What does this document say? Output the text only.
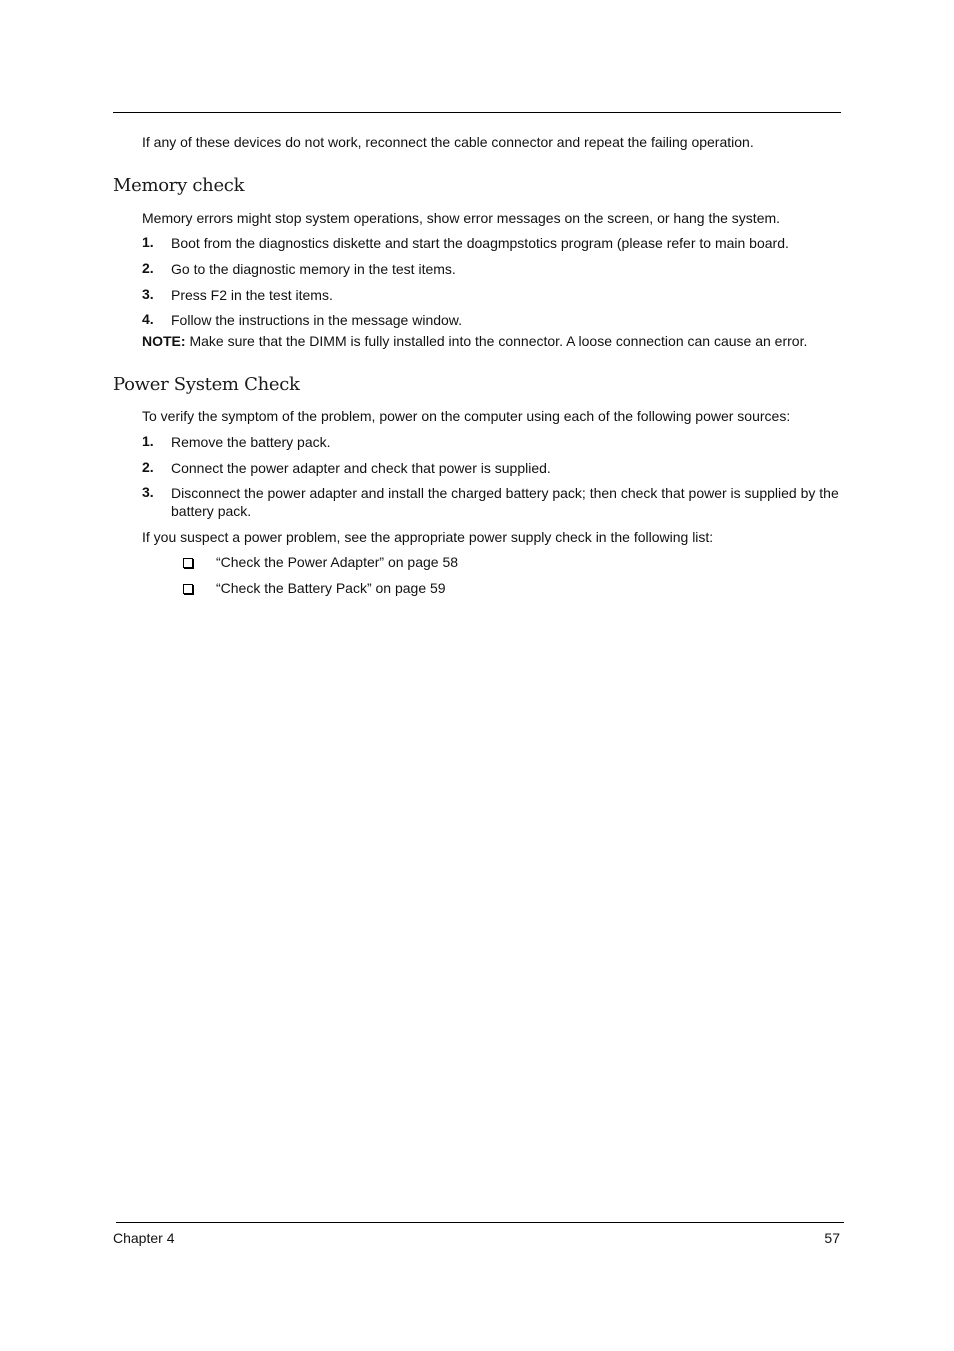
If any of these devices do not work, reconnect the cable connector and repeat the failing operation.
Memory check
Memory errors might stop system operations, show error messages on the screen, or hang the system.
1. Boot from the diagnostics diskette and start the doagmpstotics program (please refer to main board.
2. Go to the diagnostic memory in the test items.
3. Press F2 in the test items.
4. Follow the instructions in the message window.
NOTE: Make sure that the DIMM is fully installed into the connector. A loose connection can cause an error.
Power System Check
To verify the symptom of the problem, power on the computer using each of the following power sources:
1. Remove the battery pack.
2. Connect the power adapter and check that power is supplied.
3. Disconnect the power adapter and install the charged battery pack; then check that power is supplied by the battery pack.
If you suspect a power problem, see the appropriate power supply check in the following list:
“Check the Power Adapter” on page 58
“Check the Battery Pack” on page 59
Chapter 4	57
